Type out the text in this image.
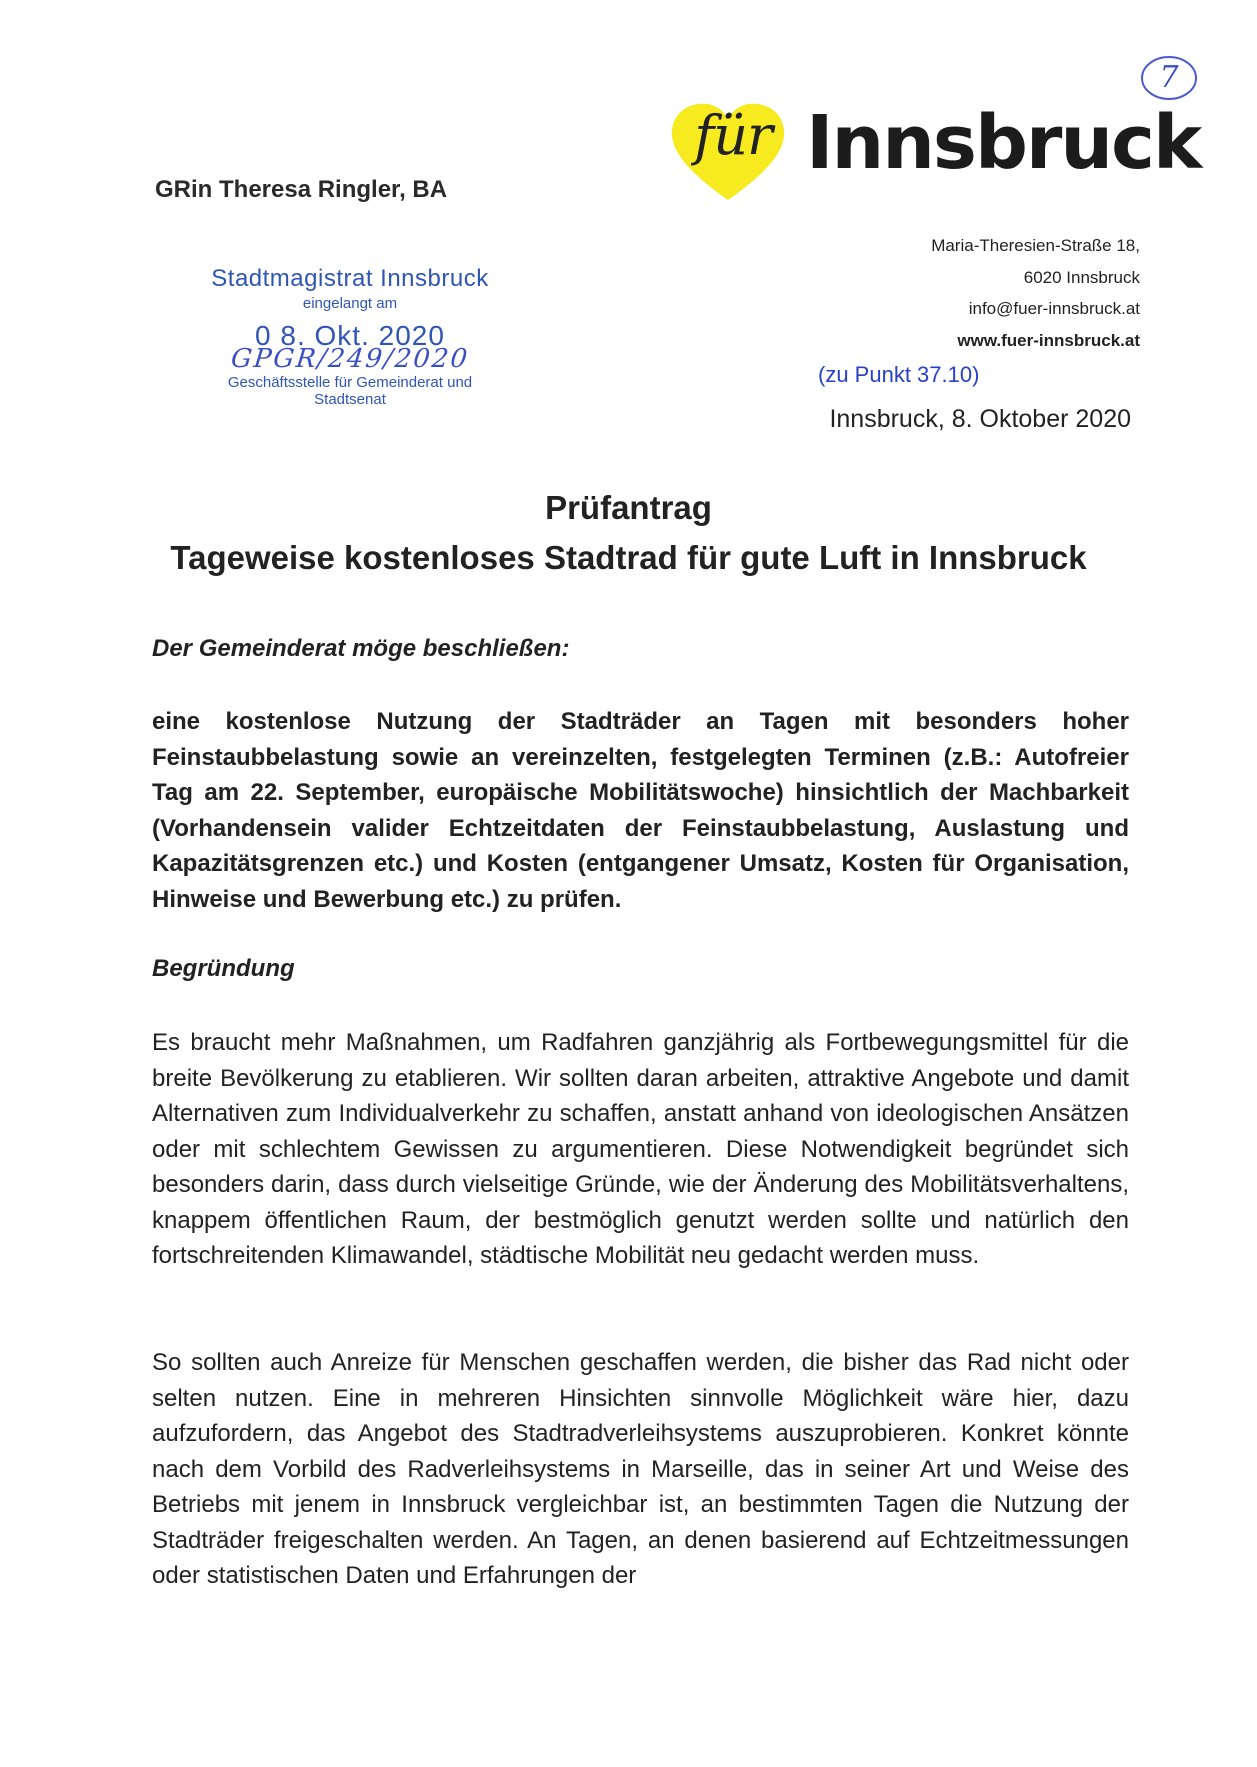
GRin Theresa Ringler, BA
für Innsbruck
7
Maria-Theresien-Straße 18,
6020 Innsbruck
info@fuer-innsbruck.at
www.fuer-innsbruck.at
Stadtmagistrat Innsbruck
eingelangt am
0 8. Okt. 2020
GPGR/249/2020
Geschäftsstelle für Gemeinderat und Stadtsenat
(zu Punkt 37.10)
Innsbruck, 8. Oktober 2020
Prüfantrag
Tageweise kostenloses Stadtrad für gute Luft in Innsbruck
Der Gemeinderat möge beschließen:
eine kostenlose Nutzung der Stadträder an Tagen mit besonders hoher Feinstaubbelastung sowie an vereinzelten, festgelegten Terminen (z.B.: Autofreier Tag am 22. September, europäische Mobilitätswoche) hinsichtlich der Machbarkeit (Vorhandensein valider Echtzeitdaten der Feinstaubbelastung, Auslastung und Kapazitätsgrenzen etc.) und Kosten (entgangener Umsatz, Kosten für Organisation, Hinweise und Bewerbung etc.) zu prüfen.
Begründung
Es braucht mehr Maßnahmen, um Radfahren ganzjährig als Fortbewegungsmittel für die breite Bevölkerung zu etablieren. Wir sollten daran arbeiten, attraktive Angebote und damit Alternativen zum Individualverkehr zu schaffen, anstatt anhand von ideologischen Ansätzen oder mit schlechtem Gewissen zu argumentieren. Diese Notwendigkeit begründet sich besonders darin, dass durch vielseitige Gründe, wie der Änderung des Mobilitätsverhaltens, knappem öffentlichen Raum, der bestmöglich genutzt werden sollte und natürlich den fortschreitenden Klimawandel, städtische Mobilität neu gedacht werden muss.
So sollten auch Anreize für Menschen geschaffen werden, die bisher das Rad nicht oder selten nutzen. Eine in mehreren Hinsichten sinnvolle Möglichkeit wäre hier, dazu aufzufordern, das Angebot des Stadtradverleihsystems auszuprobieren. Konkret könnte nach dem Vorbild des Radverleihsystems in Marseille, das in seiner Art und Weise des Betriebs mit jenem in Innsbruck vergleichbar ist, an bestimmten Tagen die Nutzung der Stadträder freigeschalten werden. An Tagen, an denen basierend auf Echtzeitmessungen oder statistischen Daten und Erfahrungen der
